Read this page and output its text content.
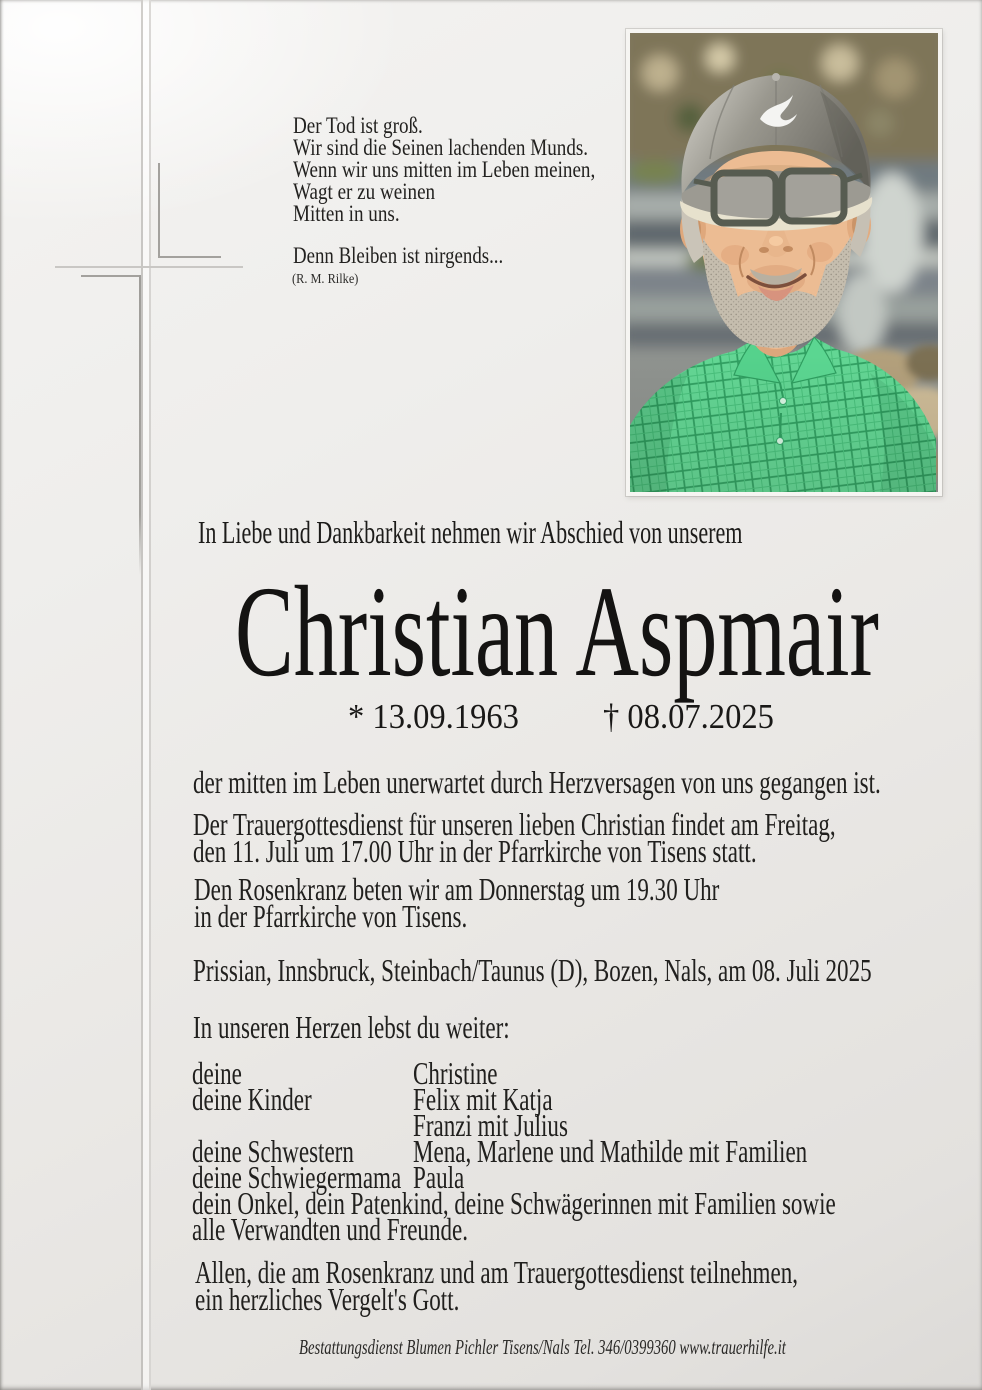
Der Tod ist groß.
Wir sind die Seinen lachenden Munds.
Wenn wir uns mitten im Leben meinen,
Wagt er zu weinen
Mitten in uns.
Denn Bleiben ist nirgends...
(R. M. Rilke)
In Liebe und Dankbarkeit nehmen wir Abschied von unserem
Christian Aspmair
* 13.09.1963 † 08.07.2025
der mitten im Leben unerwartet durch Herzversagen von uns gegangen ist.
Der Trauergottesdienst für unseren lieben Christian findet am Freitag,
den 11. Juli um 17.00 Uhr in der Pfarrkirche von Tisens statt.
Den Rosenkranz beten wir am Donnerstag um 19.30 Uhr
in der Pfarrkirche von Tisens.
Prissian, Innsbruck, Steinbach/Taunus (D), Bozen, Nals, am 08. Juli 2025
In unseren Herzen lebst du weiter:
deine	Christine
deine Kinder	Felix mit Katja
Franzi mit Julius
deine Schwestern	Mena, Marlene und Mathilde mit Familien
deine Schwiegermama Paula
dein Onkel, dein Patenkind, deine Schwägerinnen mit Familien sowie
alle Verwandten und Freunde.
Allen, die am Rosenkranz und am Trauergottesdienst teilnehmen,
ein herzliches Vergelt's Gott.
Bestattungsdienst Blumen Pichler Tisens/Nals Tel. 346/0399360 www.trauerhilfe.it
